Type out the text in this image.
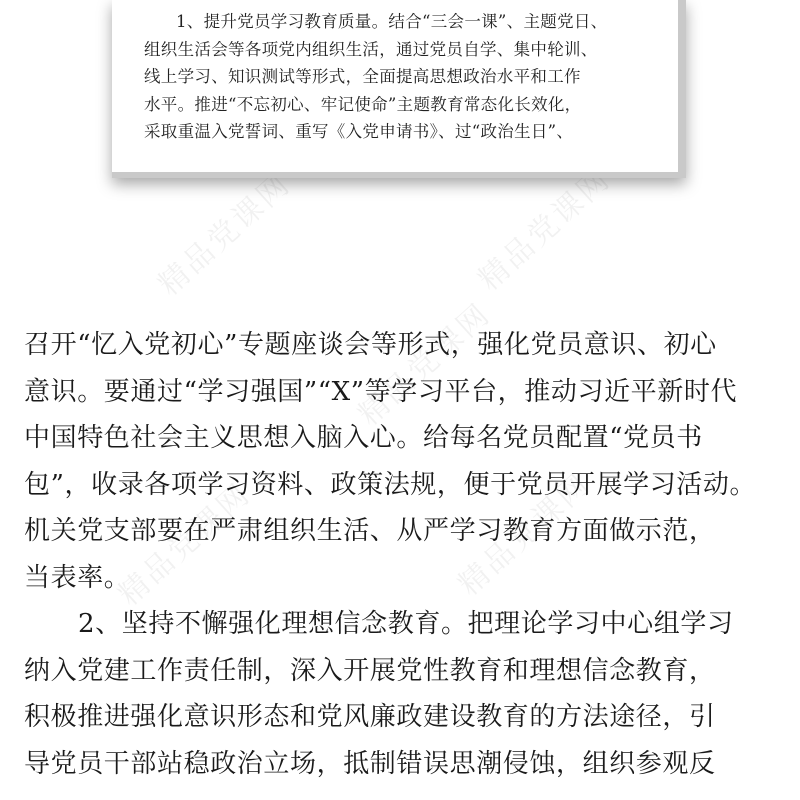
精品党课网	精品党课网
精品党课网
精品党课网	精品党课网
1、提升党员学习教育质量。结合“三会一课”、主题党日、
组织生活会等各项党内组织生活，通过党员自学、集中轮训、
线上学习、知识测试等形式，全面提高思想政治水平和工作
水平。推进“不忘初心、牢记使命”主题教育常态化长效化，
采取重温入党誓词、重写《入党申请书》、过“政治生日”、
召开“忆入党初心”专题座谈会等形式，强化党员意识、初心
意识。要通过“学习强国”“X”等学习平台，推动习近平新时代
中国特色社会主义思想入脑入心。给每名党员配置“党员书
包”，收录各项学习资料、政策法规，便于党员开展学习活动。
机关党支部要在严肃组织生活、从严学习教育方面做示范，
当表率。
2、坚持不懈强化理想信念教育。把理论学习中心组学习
纳入党建工作责任制，深入开展党性教育和理想信念教育，
积极推进强化意识形态和党风廉政建设教育的方法途径，引
导党员干部站稳政治立场，抵制错误思潮侵蚀，组织参观反
